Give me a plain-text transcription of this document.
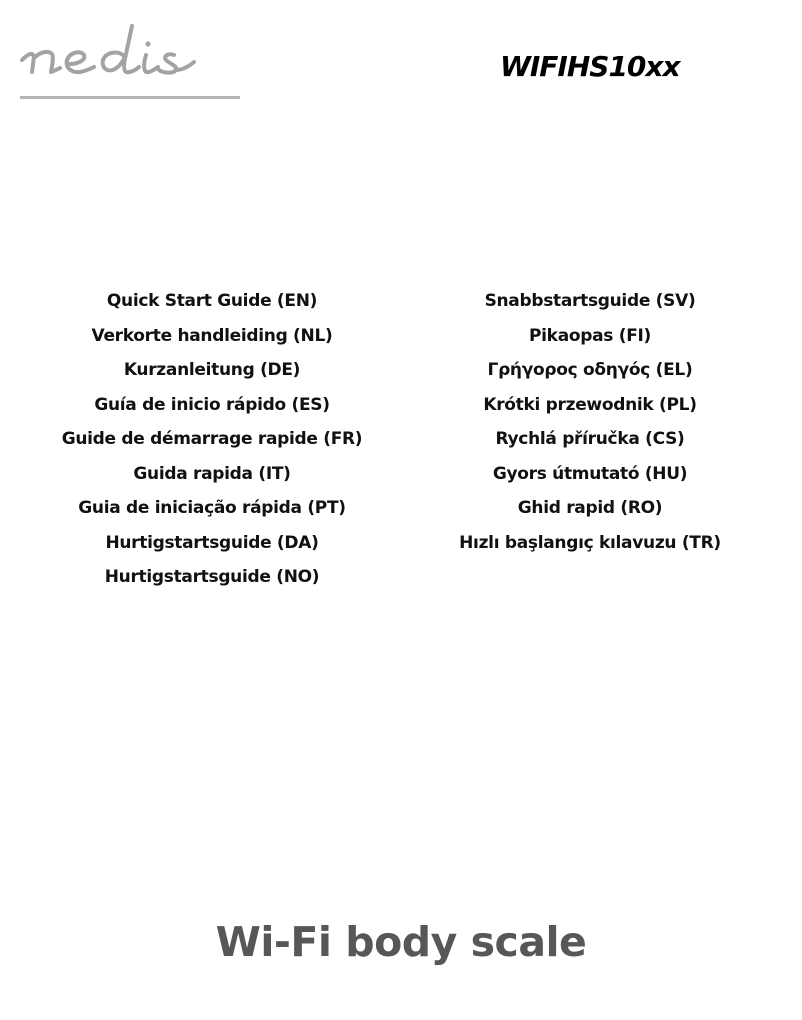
WIFIHS10xx
Quick Start Guide (EN)
Verkorte handleiding (NL)
Kurzanleitung (DE)
Guía de inicio rápido (ES)
Guide de démarrage rapide (FR)
Guida rapida (IT)
Guia de iniciação rápida (PT)
Hurtigstartsguide (DA)
Hurtigstartsguide (NO)
Snabbstartsguide (SV)
Pikaopas (FI)
Γρήγορος οδηγός (EL)
Krótki przewodnik (PL)
Rychlá příručka (CS)
Gyors útmutató (HU)
Ghid rapid (RO)
Hızlı başlangıç kılavuzu (TR)
Wi-Fi body scale
